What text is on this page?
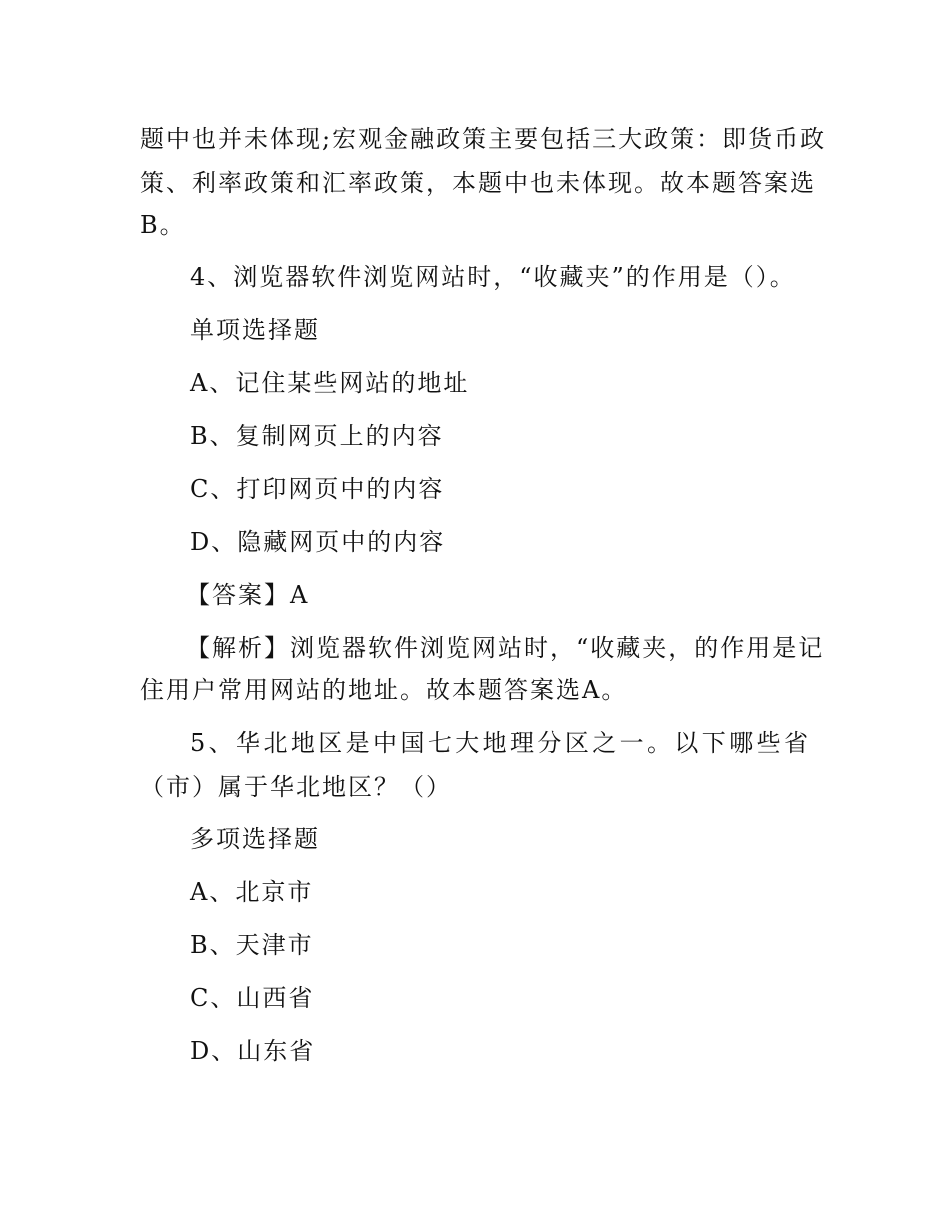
题中也并未体现;宏观金融政策主要包括三大政策：即货币政
策、利率政策和汇率政策，本题中也未体现。故本题答案选
B。
4、浏览器软件浏览网站时，“收藏夹”的作用是（）。
单项选择题
A、记住某些网站的地址
B、复制网页上的内容
C、打印网页中的内容
D、隐藏网页中的内容
【答案】A
【解析】浏览器软件浏览网站时，“收藏夹，的作用是记
住用户常用网站的地址。故本题答案选A。
5、华北地区是中国七大地理分区之一。以下哪些省
（市）属于华北地区？（）
多项选择题
A、北京市
B、天津市
C、山西省
D、山东省
